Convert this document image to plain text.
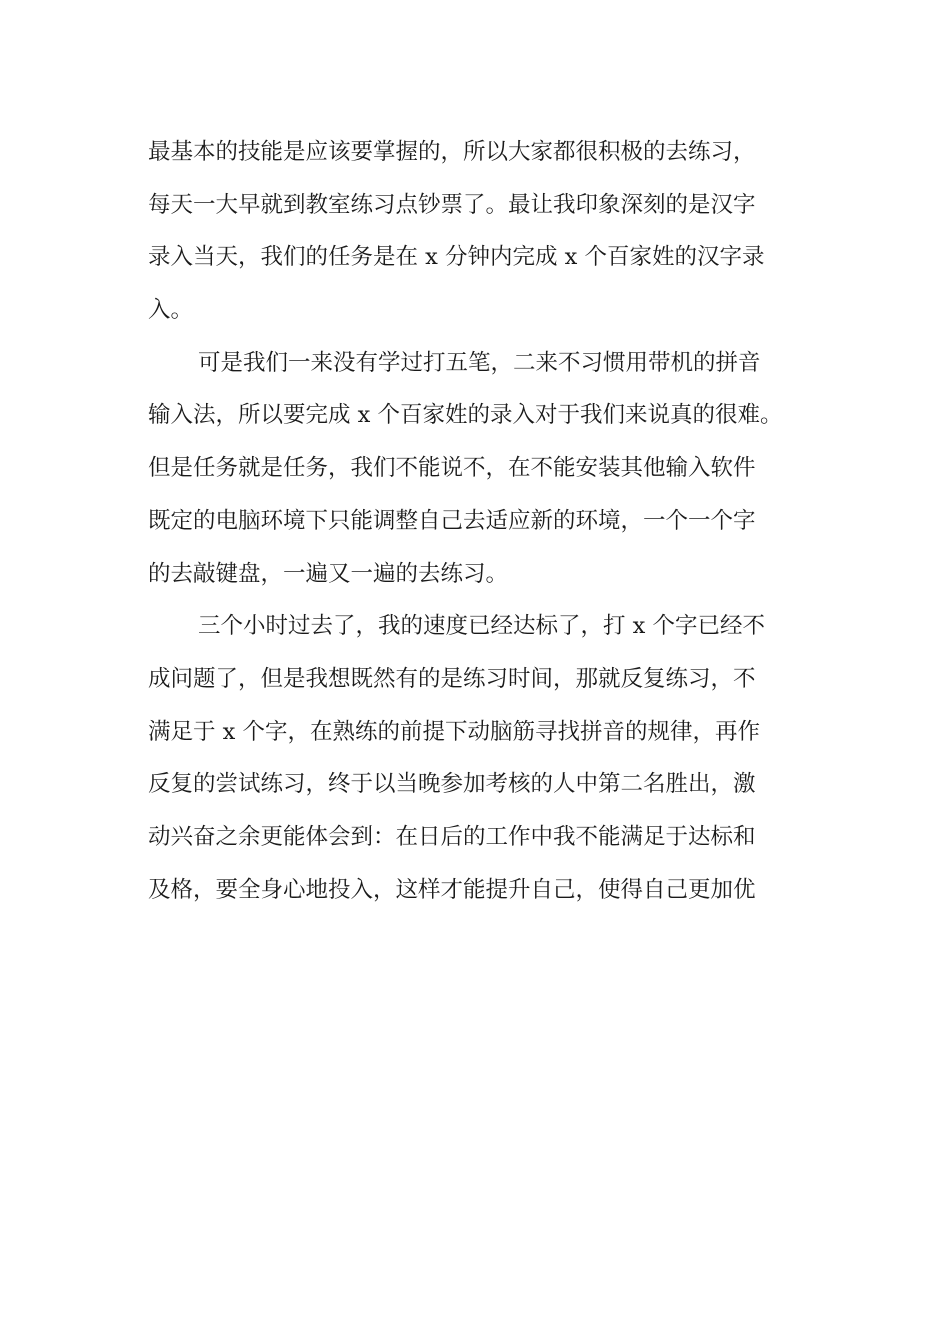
最基本的技能是应该要掌握的，所以大家都很积极的去练习，
每天一大早就到教室练习点钞票了。最让我印象深刻的是汉字
录入当天，我们的任务是在 x 分钟内完成 x 个百家姓的汉字录
入。
可是我们一来没有学过打五笔，二来不习惯用带机的拼音
输入法，所以要完成 x 个百家姓的录入对于我们来说真的很难。
但是任务就是任务，我们不能说不，在不能安装其他输入软件
既定的电脑环境下只能调整自己去适应新的环境，一个一个字
的去敲键盘，一遍又一遍的去练习。
三个小时过去了，我的速度已经达标了，打 x 个字已经不
成问题了，但是我想既然有的是练习时间，那就反复练习，不
满足于 x 个字，在熟练的前提下动脑筋寻找拼音的规律，再作
反复的尝试练习，终于以当晚参加考核的人中第二名胜出，激
动兴奋之余更能体会到：在日后的工作中我不能满足于达标和
及格，要全身心地投入，这样才能提升自己，使得自己更加优
